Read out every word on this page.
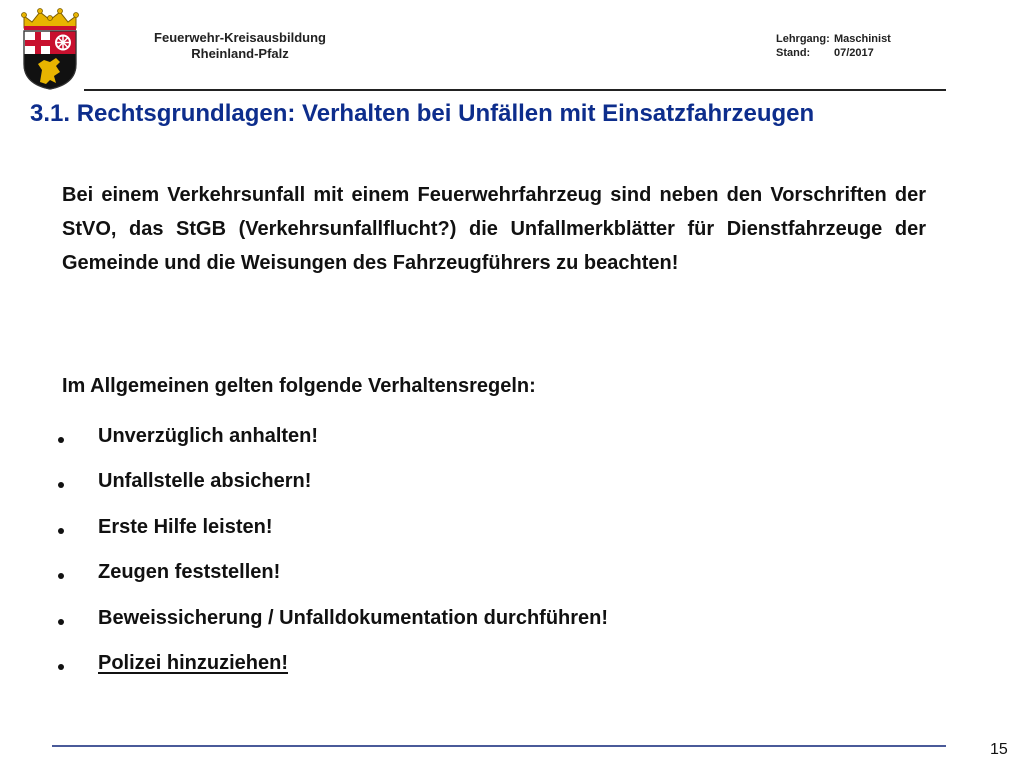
Feuerwehr-Kreisausbildung
Rheinland-Pfalz
Lehrgang: Maschinist
Stand: 07/2017
3.1. Rechtsgrundlagen: Verhalten bei Unfällen mit Einsatzfahrzeugen

Bei einem Verkehrsunfall mit einem Feuerwehrfahrzeug sind neben den Vorschriften der StVO, das StGB (Verkehrsunfallflucht?) die Unfallmerkblätter für Dienstfahrzeuge der Gemeinde und die Weisungen des Fahrzeugführers zu beachten!

Im Allgemeinen gelten folgende Verhaltensregeln:

Unverzüglich anhalten!
Unfallstelle absichern!
Erste Hilfe leisten!
Zeugen feststellen!
Beweissicherung / Unfalldokumentation durchführen!
Polizei hinzuziehen!
15
